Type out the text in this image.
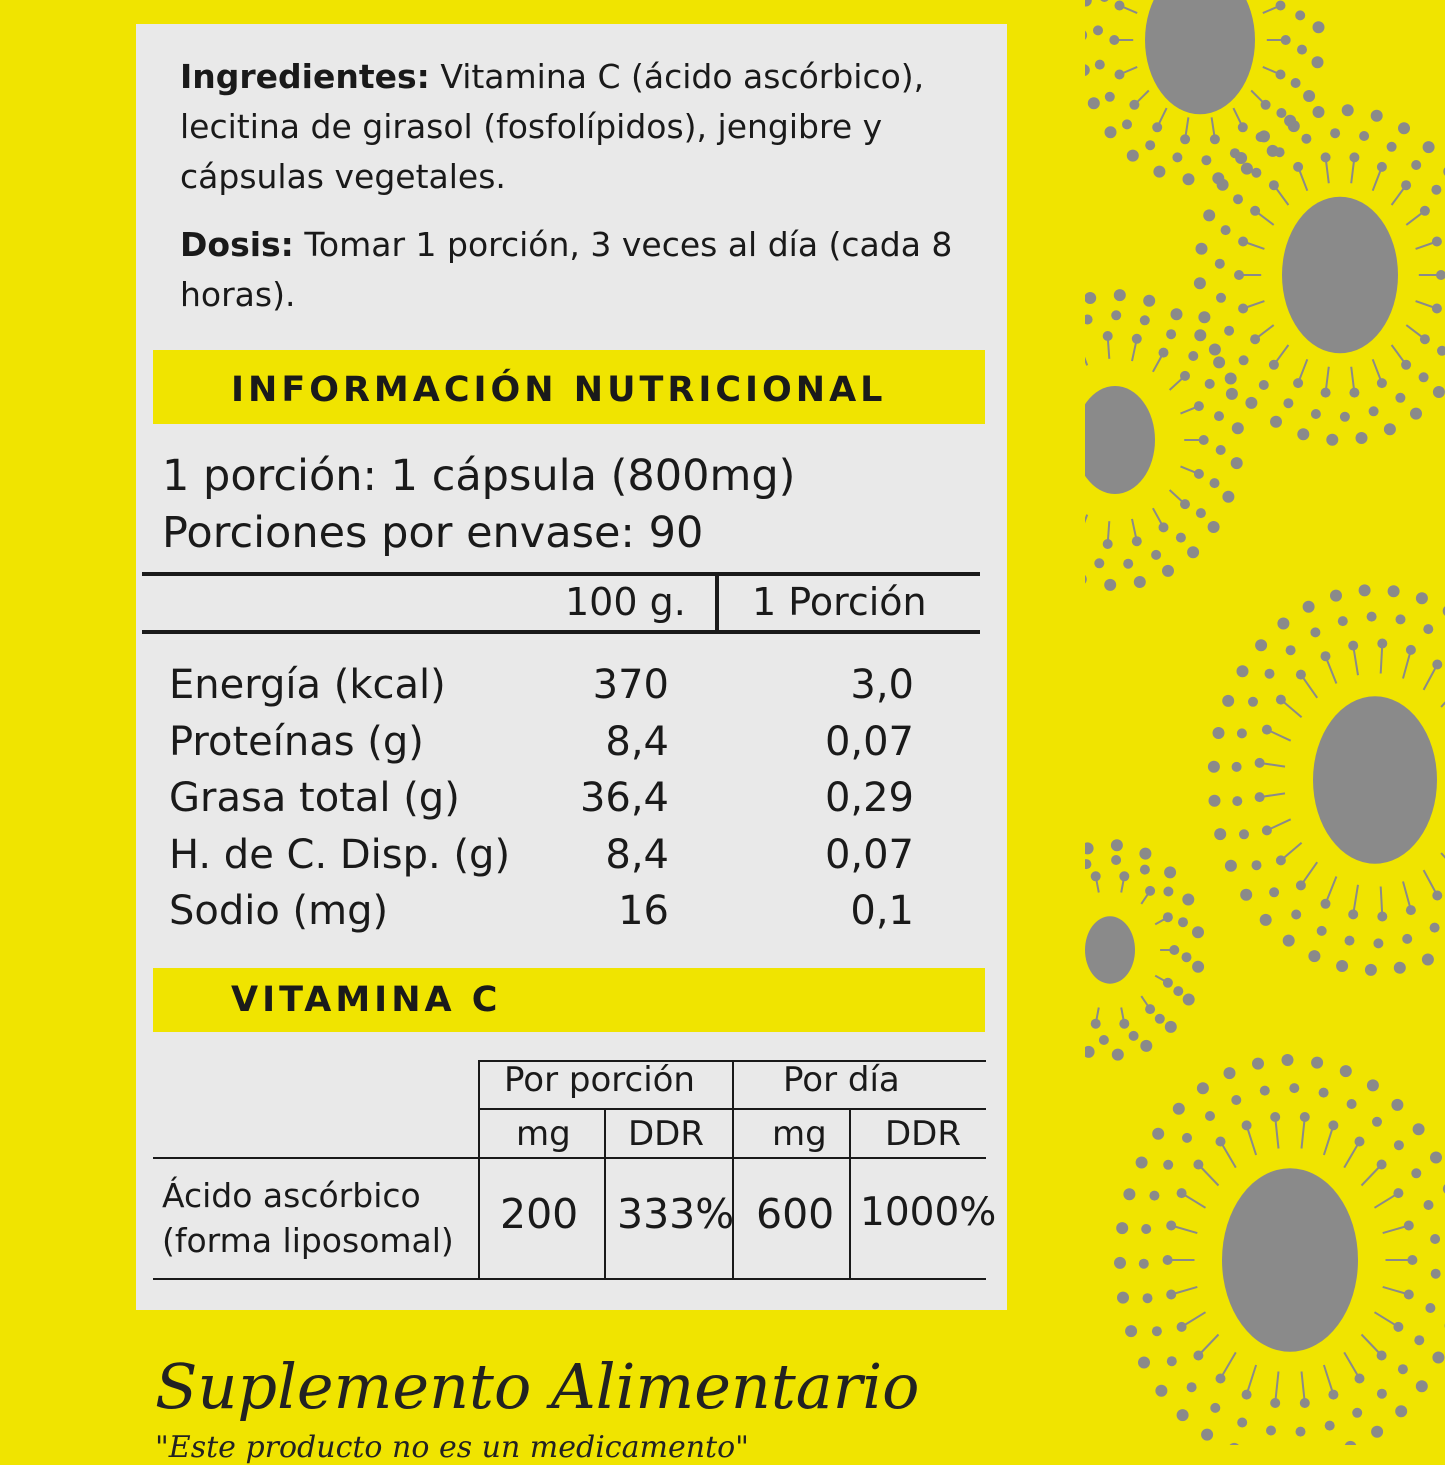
Ingredientes: Vitamina C (ácido ascórbico), lecitina de girasol (fosfolípidos), jengibre y cápsulas vegetales.

Dosis: Tomar 1 porción, 3 veces al día (cada 8 horas).

INFORMACIÓN NUTRICIONAL

1 porción: 1 cápsula (800mg)

Porciones por envase: 90

100 g. 1 Porción
Energía (kcal)	370	3,0
Proteínas (g)	8,4	0,07
Grasa total (g)	36,4	0,29
H. de C. Disp. (g) 8,4	0,07
Sodio (mg)	16	0,1
VITAMINA C
Por porción	Por día
mg DDR mg DDR
Ácido ascórbico
(forma liposomal)
200 333% 600 1000%

Suplemento Alimentario

"Este producto no es un medicamento"
